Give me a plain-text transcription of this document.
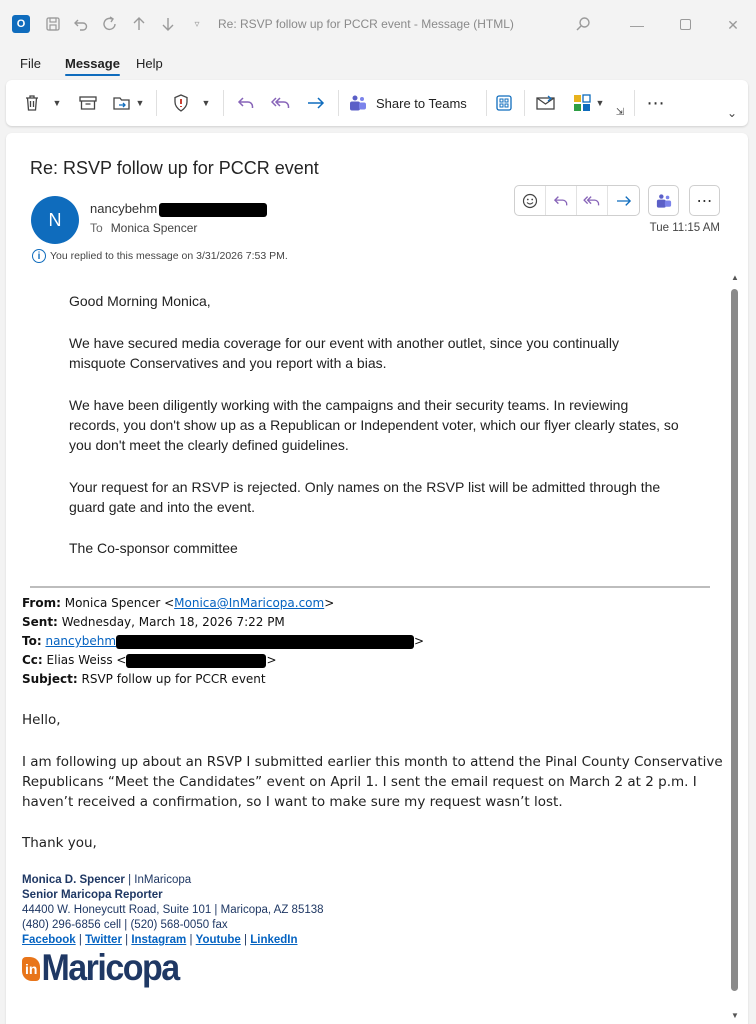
O	▿	Re: RSVP follow up for PCCR event - Message (HTML)	—	✕
File Message Help
▼	▼	▼	Share to Teams	▼
⇲ ⋯
⌄
Re: RSVP follow up for PCCR event
N
nancybehm
To Monica Spencer
i You replied to this message on 3/31/2026 7:53 PM.
⋯
Tue 11:15 AM
Good Morning Monica,
We have secured media coverage for our event with another outlet, since you continually misquote Conservatives and you report with a bias.
We have been diligently working with the campaigns and their security teams. In reviewing records, you don't show up as a Republican or Independent voter, which our flyer clearly states, so you don't meet the clearly defined guidelines.
Your request for an RSVP is rejected. Only names on the RSVP list will be admitted through the guard gate and into the event.
The Co-sponsor committee
From: Monica Spencer <Monica@InMaricopa.com>
Sent: Wednesday, March 18, 2026 7:22 PM
To: nancybehm	>
Cc: Elias Weiss <	>
Subject: RSVP follow up for PCCR event
Hello,
I am following up about an RSVP I submitted earlier this month to attend the Pinal County Conservative Republicans “Meet the Candidates” event on April 1. I sent the email request on March 2 at 2 p.m. I haven’t received a confirmation, so I want to make sure my request wasn’t lost.
Thank you,
Monica D. Spencer | InMaricopa
Senior Maricopa Reporter
44400 W. Honeycutt Road, Suite 101 | Maricopa, AZ 85138
(480) 296-6856 cell | (520) 568-0050 fax
Facebook | Twitter | Instagram | Youtube | LinkedIn
in Maricopa
▲
▼
